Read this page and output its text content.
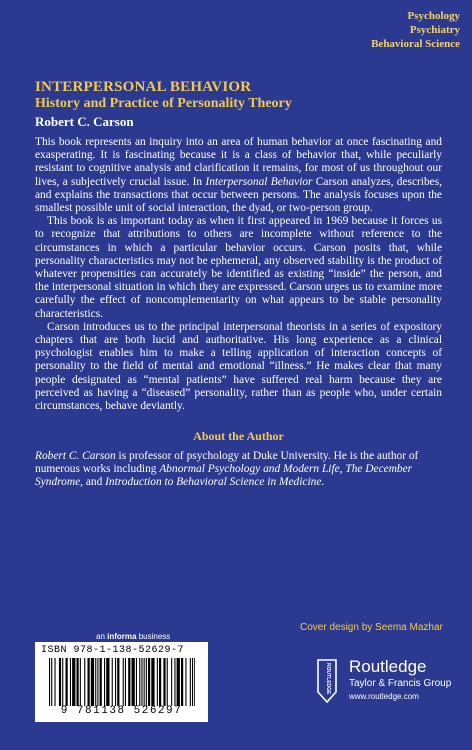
Psychology
Psychiatry
Behavioral Science
INTERPERSONAL BEHAVIOR
History and Practice of Personality Theory
Robert C. Carson

This book represents an inquiry into an area of human behavior at once fascinating and exasperating. It is fascinating because it is a class of behavior that, while peculiarly resistant to cognitive analysis and clarification it remains, for most of us throughout our lives, a subjectively crucial issue. In Interpersonal Behavior Carson analyzes, describes, and explains the transactions that occur between persons. The analysis focuses upon the smallest possible unit of social interaction, the dyad, or two-person group.

This book is as important today as when it first appeared in 1969 because it forces us to recognize that attributions to others are incomplete without reference to the circumstances in which a particular behavior occurs. Carson posits that, while personality characteristics may not be ephemeral, any observed stability is the product of whatever propensities can accurately be identified as existing “inside” the person, and the interpersonal situation in which they are expressed. Carson urges us to examine more carefully the effect of noncomplementarity on what appears to be stable personality characteristics.

Carson introduces us to the principal interpersonal theorists in a series of expository chapters that are both lucid and authoritative. His long experience as a clinical psychologist enables him to make a telling application of interaction concepts of personality to the field of mental and emotional “illness.” He makes clear that many people designated as “mental patients” have suffered real harm because they are perceived as having a “diseased” personality, rather than as people who, under certain circumstances, behave deviantly.

About the Author
Robert C. Carson is professor of psychology at Duke University. He is the author of numerous works including Abnormal Psychology and Modern Life, The December Syndrome, and Introduction to Behavioral Science in Medicine.
Cover design by Seema Mazhar
an informa business
ISBN 978-1-138-52629-7
9 781138 526297
ROUTLEDGE Routledge
Taylor & Francis Group
www.routledge.com
